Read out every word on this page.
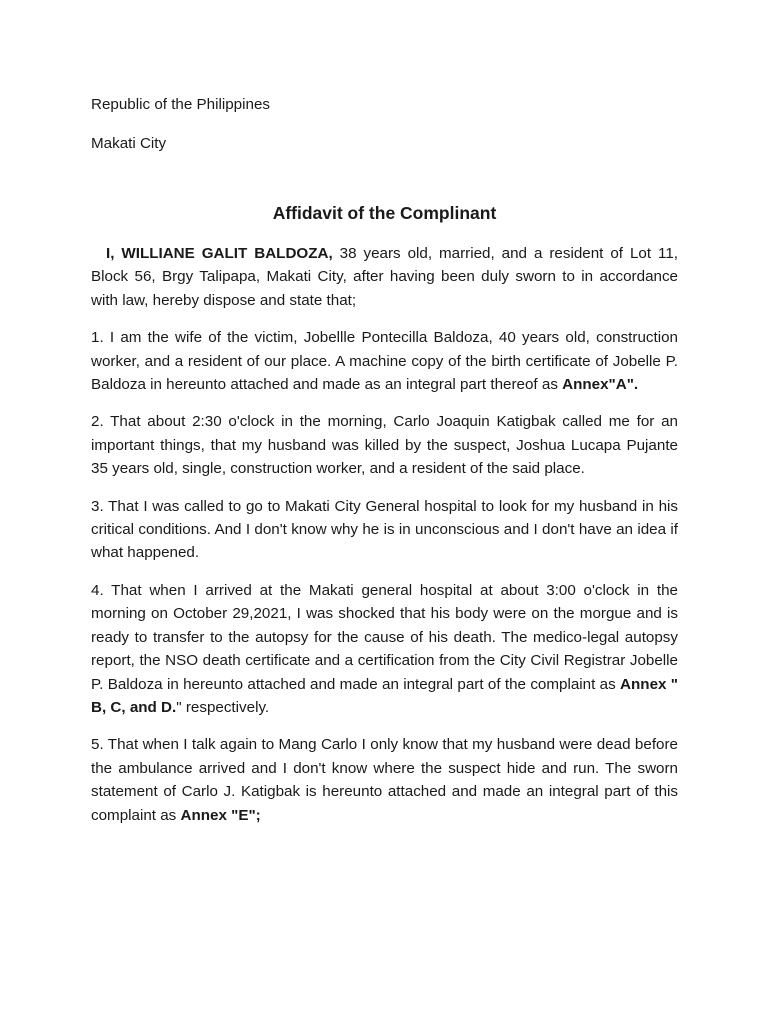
Republic of the Philippines

Makati City

Affidavit of the Complinant

I, WILLIANE GALIT BALDOZA, 38 years old, married, and a resident of Lot 11, Block 56, Brgy Talipapa, Makati City, after having been duly sworn to in accordance with law, hereby dispose and state that;

1. I am the wife of the victim, Jobellle Pontecilla Baldoza, 40 years old, construction worker, and a resident of our place. A machine copy of the birth certificate of Jobelle P. Baldoza in hereunto attached and made as an integral part thereof as Annex"A".

2. That about 2:30 o'clock in the morning, Carlo Joaquin Katigbak called me for an important things, that my husband was killed by the suspect, Joshua Lucapa Pujante 35 years old, single, construction worker, and a resident of the said place.

3. That I was called to go to Makati City General hospital to look for my husband in his critical conditions. And I don't know why he is in unconscious and I don't have an idea if what happened.

4. That when I arrived at the Makati general hospital at about 3:00 o'clock in the morning on October 29,2021, I was shocked that his body were on the morgue and is ready to transfer to the autopsy for the cause of his death. The medico-legal autopsy report, the NSO death certificate and a certification from the City Civil Registrar Jobelle P. Baldoza in hereunto attached and made an integral part of the complaint as Annex " B, C, and D." respectively.

5. That when I talk again to Mang Carlo I only know that my husband were dead before the ambulance arrived and I don't know where the suspect hide and run. The sworn statement of Carlo J. Katigbak is hereunto attached and made an integral part of this complaint as Annex "E";
